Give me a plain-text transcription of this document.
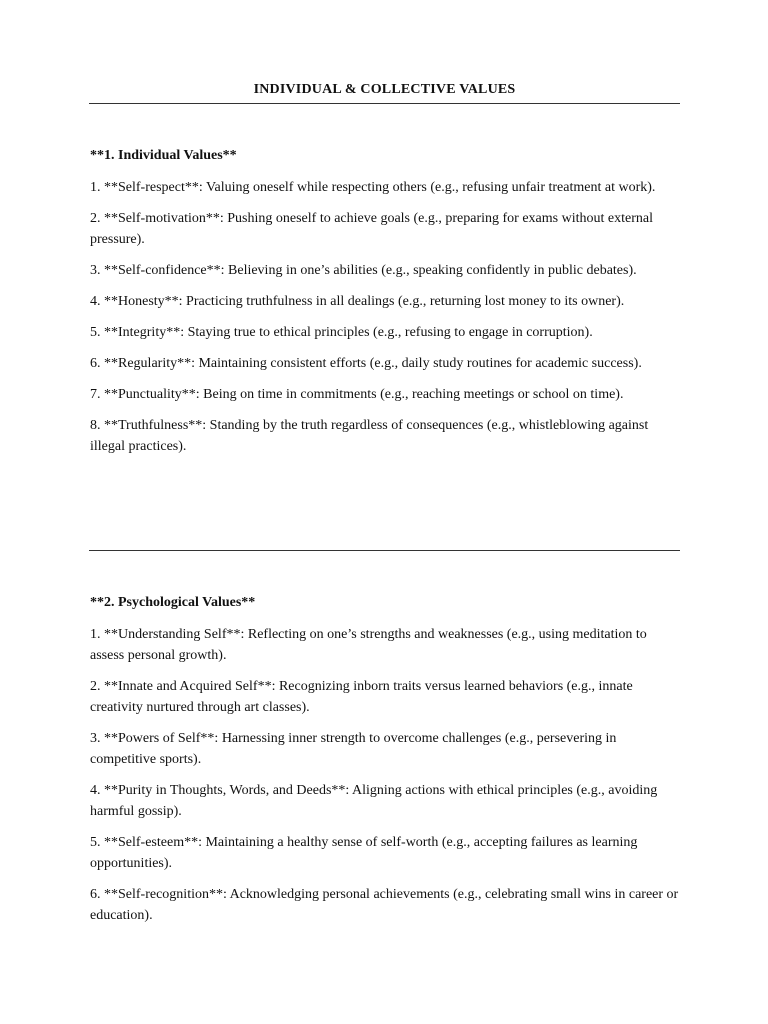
INDIVIDUAL & COLLECTIVE VALUES
**1. Individual Values**
1. **Self-respect**: Valuing oneself while respecting others (e.g., refusing unfair treatment at work).
2. **Self-motivation**: Pushing oneself to achieve goals (e.g., preparing for exams without external pressure).
3. **Self-confidence**: Believing in one’s abilities (e.g., speaking confidently in public debates).
4. **Honesty**: Practicing truthfulness in all dealings (e.g., returning lost money to its owner).
5. **Integrity**: Staying true to ethical principles (e.g., refusing to engage in corruption).
6. **Regularity**: Maintaining consistent efforts (e.g., daily study routines for academic success).
7. **Punctuality**: Being on time in commitments (e.g., reaching meetings or school on time).
8. **Truthfulness**: Standing by the truth regardless of consequences (e.g., whistleblowing against illegal practices).
**2. Psychological Values**
1. **Understanding Self**: Reflecting on one’s strengths and weaknesses (e.g., using meditation to assess personal growth).
2. **Innate and Acquired Self**: Recognizing inborn traits versus learned behaviors (e.g., innate creativity nurtured through art classes).
3. **Powers of Self**: Harnessing inner strength to overcome challenges (e.g., persevering in competitive sports).
4. **Purity in Thoughts, Words, and Deeds**: Aligning actions with ethical principles (e.g., avoiding harmful gossip).
5. **Self-esteem**: Maintaining a healthy sense of self-worth (e.g., accepting failures as learning opportunities).
6. **Self-recognition**: Acknowledging personal achievements (e.g., celebrating small wins in career or education).
